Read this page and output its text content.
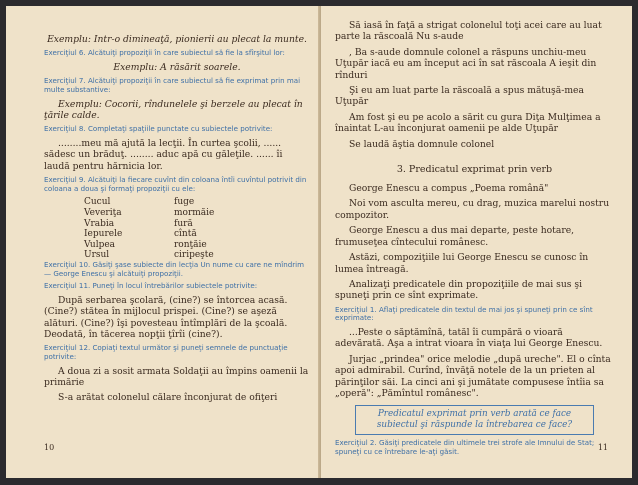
Exemplu: Intr-o dimineaţă, pionierii au plecat la munte.

Exerciţiul 6. Alcătuiţi propoziţii în care subiectul să fie la sfîrşitul lor:

Exemplu: A răsărit soarele.

Exerciţiul 7. Alcătuiţi propoziţii în care subiectul să fie exprimat prin mai multe substantive:

Exemplu: Cocorii, rîndunelele şi berzele au plecat în ţările calde.

Exerciţiul 8. Completaţi spaţiile punctate cu subiectele potrivite:

........meu mă ajută la lecţii. În curtea şcolii, ...... sădesc un brăduţ. ........ aduc apă cu găleţile. ...... îi laudă pentru hărnicia lor.

Exerciţiul 9. Alcătuiţi la fiecare cuvînt din coloana întîi cuvîntul potrivit din coloana a doua şi formaţi propoziţii cu ele:

Cucul
Veveriţa
Vrabia
Iepurele
Vulpea
Ursul
fuge
mormăie
fură
cîntă
ronţăie
ciripeşte

Exerciţiul 10. Găsiţi şase subiecte din lecţia Un nume cu care ne mîndrim — George Enescu şi alcătuiţi propoziţii.

Exerciţiul 11. Puneţi în locul întrebărilor subiectele potrivite:

După serbarea şcolară, (cine?) se întorcea acasă. (Cine?) stătea în mijlocul prispei. (Cine?) se aşeză alături. (Cine?) îşi povesteau întîmplări de la şcoală. Deodată, în tăcerea nopţii ţîrîi (cine?).

Exerciţiul 12. Copiaţi textul următor şi puneţi semnele de punctuaţie potrivite:

A doua zi a sosit armata Soldaţii au împins oamenii la primărie

S-a arătat colonelul călare înconjurat de ofiţeri

10

Să iasă în faţă a strigat colonelul toţi acei care au luat parte la răscoală Nu s-aude

, Ba s-aude domnule colonel a răspuns unchiu-meu Uţupăr iacă eu am început aci în sat răscoala A ieşit din rînduri

Şi eu am luat parte la răscoală a spus mătuşă-mea Uţupăr

Am fost şi eu pe acolo a sărit cu gura Diţa Mulţimea a înaintat L-au înconjurat oamenii pe alde Uţupăr

Se laudă ăştia domnule colonel

3. Predicatul exprimat prin verb

George Enescu a compus „Poema română"

Noi vom asculta mereu, cu drag, muzica marelui nostru compozitor.

George Enescu a dus mai departe, peste hotare, frumuseţea cîntecului românesc.

Astăzi, compoziţiile lui George Enescu se cunosc în lumea întreagă.

Analizaţi predicatele din propoziţiile de mai sus şi spuneţi prin ce sînt exprimate.

Exerciţiul 1. Aflaţi predicatele din textul de mai jos şi spuneţi prin ce sînt exprimate:

...Peste o săptămînă, tatăl îi cumpără o vioară adevărată. Aşa a intrat vioara în viaţa lui George Enescu.

Jurjac „prindea" orice melodie „după ureche". El o cînta apoi admirabil. Curînd, învăţă notele de la un prieten al părinţilor săi. La cinci ani şi jumătate compusese întîia sa „operă": „Pămîntul românesc".

Predicatul exprimat prin verb arată ce face subiectul şi răspunde la întrebarea ce face?

Exerciţiul 2. Găsiţi predicatele din ultimele trei strofe ale Imnului de Stat; spuneţi cu ce întrebare le-aţi găsit.	11
